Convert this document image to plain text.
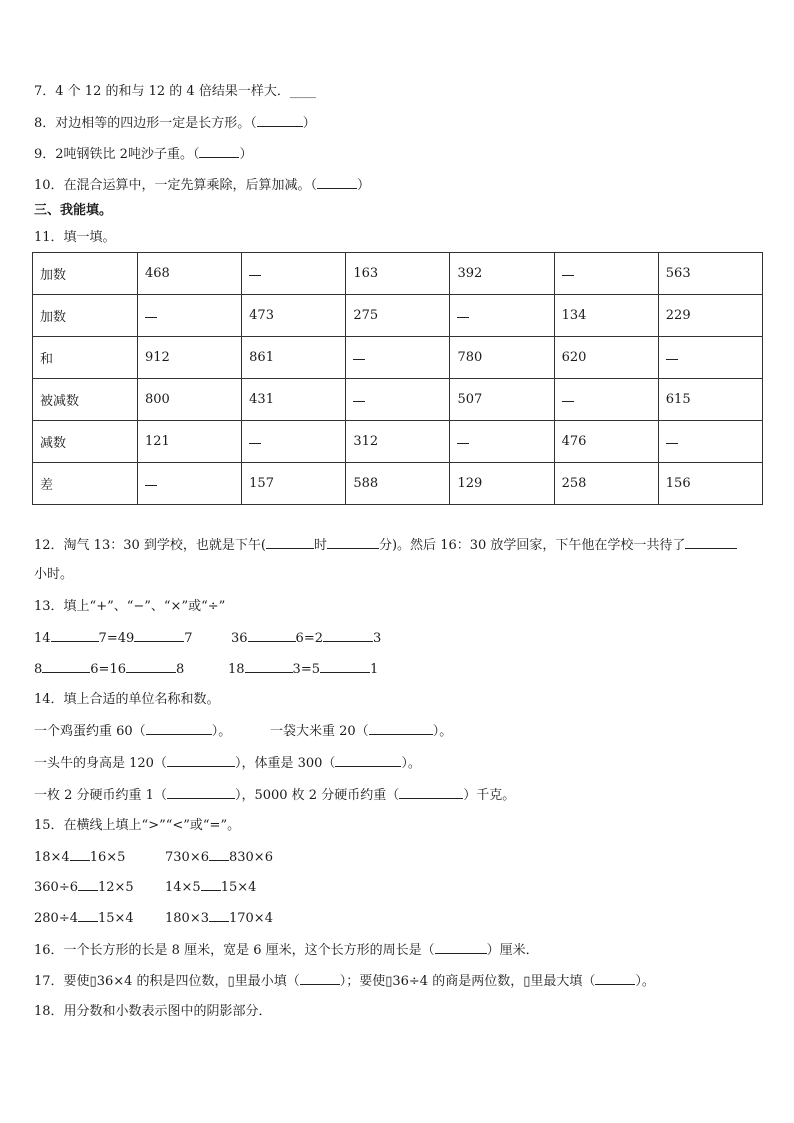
7．4 个 12 的和与 12 的 4 倍结果一样大．____
8．对边相等的四边形一定是长方形。（	）
9．2吨钢铁比 2吨沙子重。（	）
10．在混合运算中，一定先算乘除，后算加减。（	）
三、我能填。
11．填一填。
加数	468		163	392		563
加数		473	275		134	229
和	912	861		780	620	
被减数	800	431		507		615
减数	121		312		476	
差		157	588	129	258	156
12．淘气 13：30 到学校，也就是下午(	时	分)。然后 16：30 放学回家，下午他在学校一共待了
小时。
13．填上“+”、“−”、“×”或“÷”
14	7=49	7	36	6=2	3
8	6=16	8	18	3=5	1
14．填上合适的单位名称和数。
一个鸡蛋约重 60（	）。	一袋大米重 20（	）。
一头牛的身高是 120（	），体重是 300（	）。
一枚 2 分硬币约重 1（	），5000 枚 2 分硬币约重（	）千克。
15．在横线上填上“>”“<”或“=”。
18×4 16×5	730×6 830×6
360÷6 12×5 14×5 15×4
280÷4 15×4 180×3 170×4
16．一个长方形的长是 8 厘米，宽是 6 厘米，这个长方形的周长是（	）厘米．
17．要使▯36×4 的积是四位数，▯里最小填（	）；要使▯36÷4 的商是两位数，▯里最大填（	）。
18．用分数和小数表示图中的阴影部分．
